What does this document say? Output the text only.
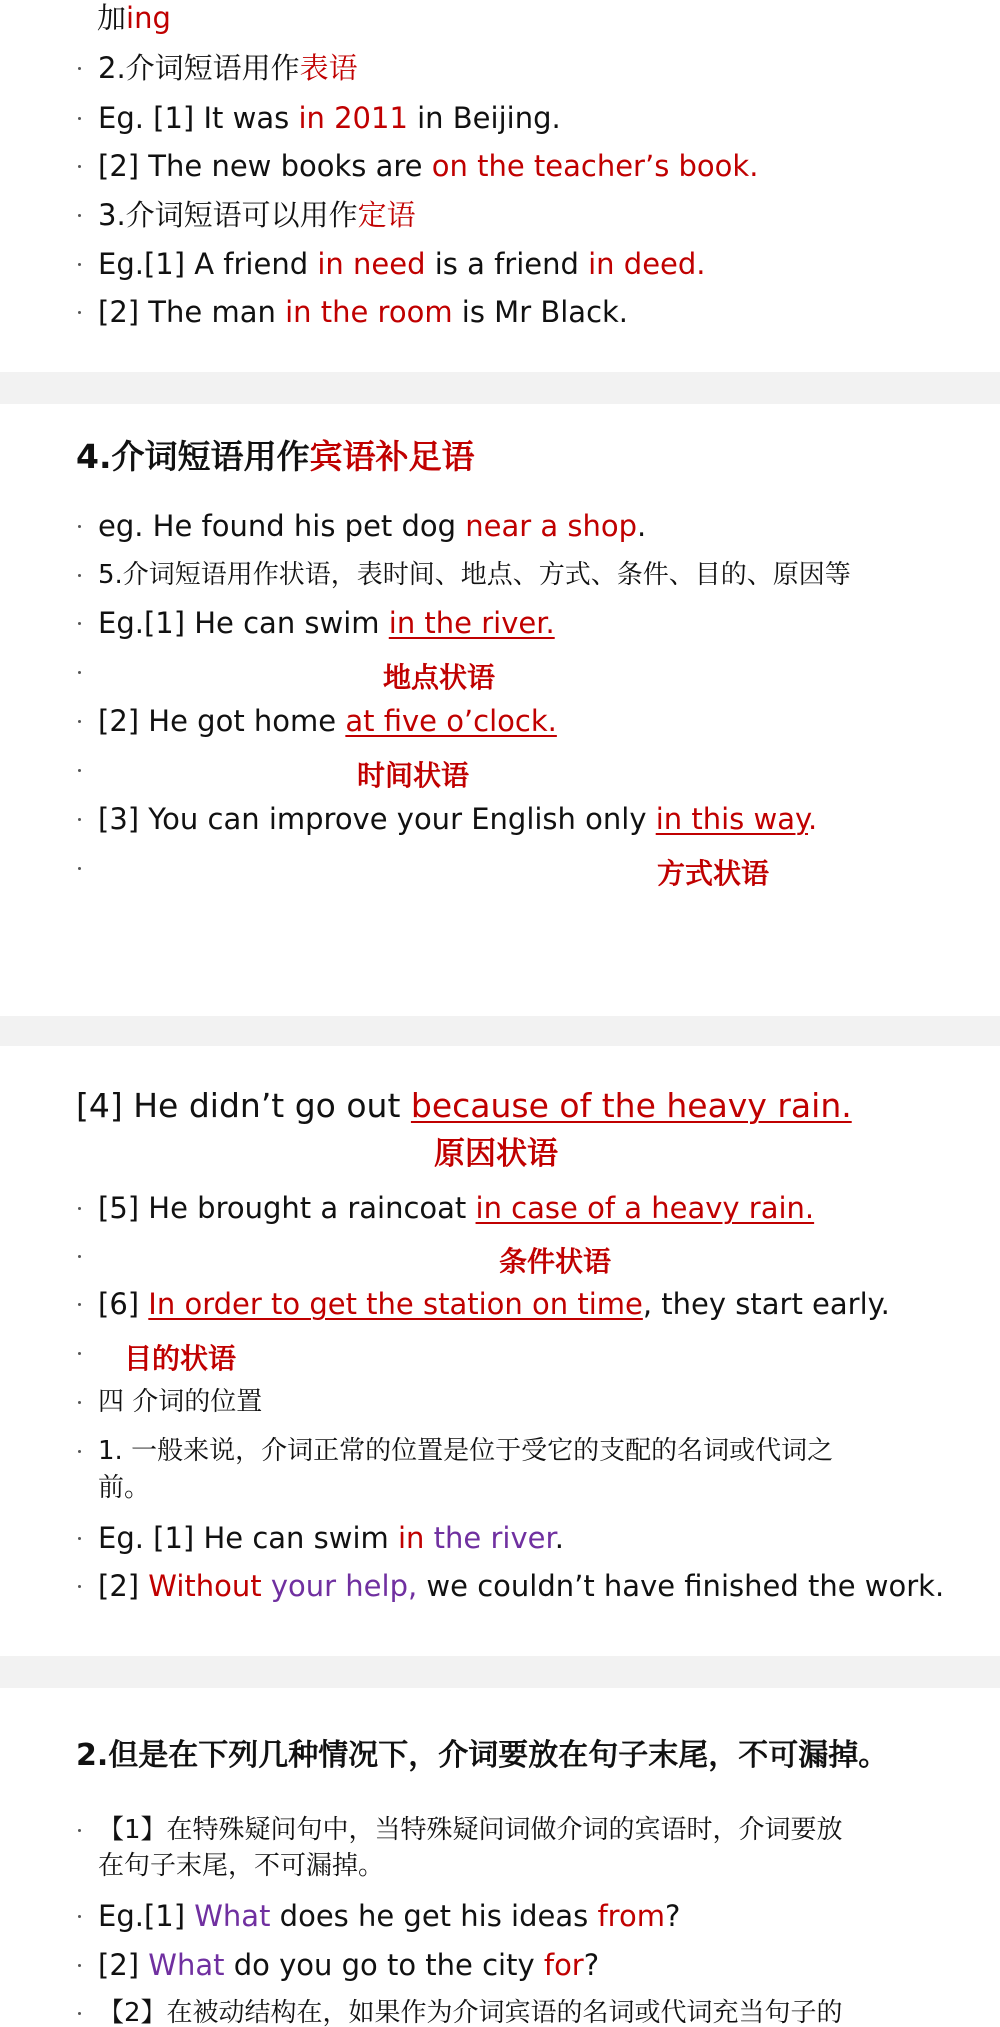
加ing
2.介词短语用作表语
Eg. [1] It was in 2011 in Beijing.
[2] The new books are on the teacher’s book.
3.介词短语可以用作定语
Eg.[1] A friend in need is a friend in deed.
[2] The man in the room is Mr Black.
4.介词短语用作宾语补足语
eg. He found his pet dog near a shop.
5.介词短语用作状语，表时间、地点、方式、条件、目的、原因等
Eg.[1] He can swim in the river.
地点状语
[2] He got home at five o’clock.
时间状语
[3] You can improve your English only in this way.
方式状语
[4] He didn’t go out because of the heavy rain.
原因状语
[5] He brought a raincoat in case of a heavy rain.
条件状语
[6] In order to get the station on time, they start early.
目的状语
四 介词的位置
1. 一般来说，介词正常的位置是位于受它的支配的名词或代词之
前。
Eg. [1] He can swim in the river.
[2] Without your help, we couldn’t have finished the work.
2.但是在下列几种情况下，介词要放在句子末尾，不可漏掉。
【1】在特殊疑问句中，当特殊疑问词做介词的宾语时，介词要放
在句子末尾，不可漏掉。
Eg.[1] What does he get his ideas from?
[2] What do you go to the city for?
【2】在被动结构在，如果作为介词宾语的名词或代词充当句子的
